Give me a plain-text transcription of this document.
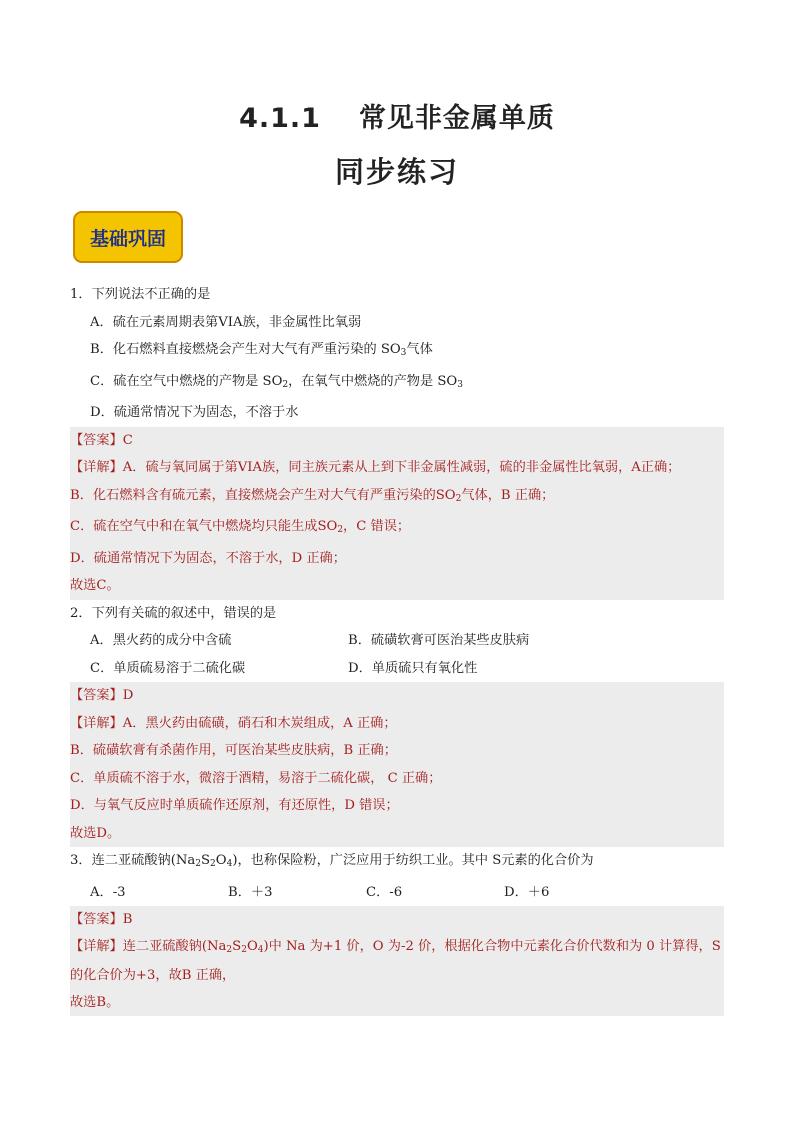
4.1.1 常见非金属单质
同步练习
基础巩固
1．下列说法不正确的是
A．硫在元素周期表第VIA族，非金属性比氧弱
B．化石燃料直接燃烧会产生对大气有严重污染的 $SO_3$气体
C．硫在空气中燃烧的产物是 $SO_2$，在氧气中燃烧的产物是 $SO_3$
D．硫通常情况下为固态，不溶于水
【答案】C
【详解】A．硫与氧同属于第VIA族，同主族元素从上到下非金属性减弱，硫的非金属性比氧弱，A正确；
B．化石燃料含有硫元素，直接燃烧会产生对大气有严重污染的$SO_2$气体，B 正确；
C．硫在空气中和在氧气中燃烧均只能生成$SO_2$，C 错误；
D．硫通常情况下为固态，不溶于水，D 正确；
故选C。
2．下列有关硫的叙述中，错误的是
A．黑火药的成分中含硫	B．硫磺软膏可医治某些皮肤病
C．单质硫易溶于二硫化碳	D．单质硫只有氧化性
【答案】D
【详解】A．黑火药由硫磺，硝石和木炭组成，A 正确；
B．硫磺软膏有杀菌作用，可医治某些皮肤病，B 正确；
C．单质硫不溶于水，微溶于酒精，易溶于二硫化碳， C 正确；
D．与氧气反应时单质硫作还原剂，有还原性，D 错误；
故选D。
3．连二亚硫酸钠$(Na_2S_2O_4)$，也称保险粉，广泛应用于纺织工业。其中 S元素的化合价为
A．-3	B．＋3	C．-6	D．＋6
【答案】B
【详解】连二亚硫酸钠$(Na_2S_2O_4)$中 Na 为+1 价，O 为-2 价，根据化合物中元素化合价代数和为 0 计算得，S 的化合价为+3，故B 正确，
故选B。
